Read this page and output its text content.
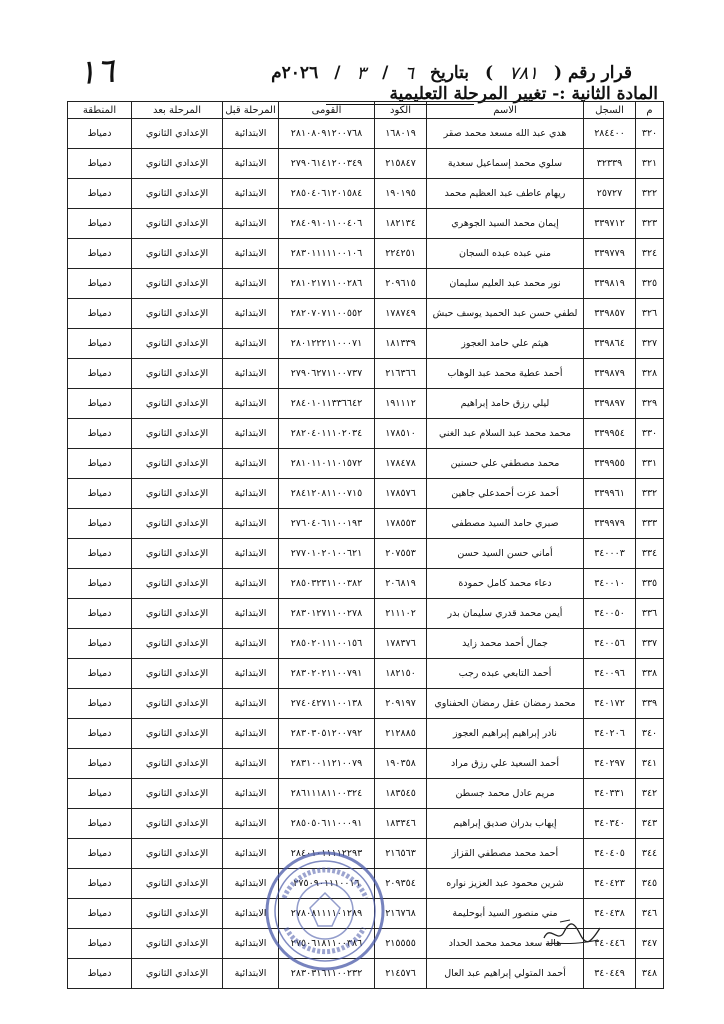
قرار رقم (
٧٨١
)
بتاريخ
٦
/
٣
/
٢٠٢٦م
١٦
المادة الثانية :- تغيير المرحلة التعليمية
م	السجل	الاسم	الكود	القومى	المرحلة قبل	المرحلة بعد	المنطقة
٣٢٠	٢٨٤٤٠٠	هدي عبد الله مسعد محمد صقر	١٦٨٠١٩	٢٨١٠٨٠٩١٢٠٠٧٦٨	الابتدائية	الإعدادي الثانوي	دمياط
٣٢١	٣٢٣٣٩	سلوي محمد إسماعيل سعدية	٢١٥٨٤٧	٢٧٩٠٦١٤١٢٠٠٣٤٩	الابتدائية	الإعدادي الثانوي	دمياط
٣٢٢	٢٥٧٢٧	ريهام عاطف عبد العظيم محمد	١٩٠١٩٥	٢٨٥٠٤٠٦١٢٠١٥٨٤	الابتدائية	الإعدادي الثانوي	دمياط
٣٢٣	٣٣٩٧١٢	إيمان محمد السيد الجوهري	١٨٢١٣٤	٢٨٤٠٩١٠١١٠٠٤٠٦	الابتدائية	الإعدادي الثانوي	دمياط
٣٢٤	٣٣٩٧٧٩	مني عبده عبده السجان	٢٢٤٢٥١	٢٨٣٠١١١١١٠٠١٠٦	الابتدائية	الإعدادي الثانوي	دمياط
٣٢٥	٣٣٩٨١٩	نور محمد عبد العليم سليمان	٢٠٩٦١٥	٢٨١٠٢١٧١١٠٠٢٨٦	الابتدائية	الإعدادي الثانوي	دمياط
٣٢٦	٣٣٩٨٥٧	لطفي حسن عبد الحميد يوسف حبش	١٧٨٧٤٩	٢٨٢٠٧٠٧١١٠٠٥٥٢	الابتدائية	الإعدادي الثانوي	دمياط
٣٢٧	٣٣٩٨٦٤	هيثم علي حامد العجوز	١٨١٣٣٩	٢٨٠١٢٢٢١١٠٠٠٧١	الابتدائية	الإعدادي الثانوي	دمياط
٣٢٨	٣٣٩٨٧٩	أحمد عطية محمد عبد الوهاب	٢١٦٣٦٦	٢٧٩٠٦٢٧١١٠٠٧٣٧	الابتدائية	الإعدادي الثانوي	دمياط
٣٢٩	٣٣٩٨٩٧	ليلي رزق حامد إبراهيم	١٩١١١٢	٢٨٤٠١٠١١٣٣٦٦٤٢	الابتدائية	الإعدادي الثانوي	دمياط
٣٣٠	٣٣٩٩٥٤	محمد محمد عبد السلام عبد الغني	١٧٨٥١٠	٢٨٢٠٤٠١١١٠٢٠٣٤	الابتدائية	الإعدادي الثانوي	دمياط
٣٣١	٣٣٩٩٥٥	محمد مصطفي علي حسنين	١٧٨٤٧٨	٢٨١٠١١٠١١٠١٥٧٢	الابتدائية	الإعدادي الثانوي	دمياط
٣٣٢	٣٣٩٩٦١	أحمد عزت أحمدعلي جاهين	١٧٨٥٧٦	٢٨٤١٢٠٨١١٠٠٧١٥	الابتدائية	الإعدادي الثانوي	دمياط
٣٣٣	٣٣٩٩٧٩	صبري حامد السيد مصطفي	١٧٨٥٥٣	٢٧٦٠٤٠٦١١٠٠١٩٣	الابتدائية	الإعدادي الثانوي	دمياط
٣٣٤	٣٤٠٠٠٣	أماني حسن السيد حسن	٢٠٧٥٥٣	٢٧٧٠١٠٢٠١٠٠٦٢١	الابتدائية	الإعدادي الثانوي	دمياط
٣٣٥	٣٤٠٠١٠	دعاء محمد كامل حمودة	٢٠٦٨١٩	٢٨٥٠٣٢٣١١٠٠٣٨٢	الابتدائية	الإعدادي الثانوي	دمياط
٣٣٦	٣٤٠٠٥٠	أيمن محمد قدري سليمان بدر	٢١١١٠٢	٢٨٣٠١٢٧١١٠٠٢٧٨	الابتدائية	الإعدادي الثانوي	دمياط
٣٣٧	٣٤٠٠٥٦	جمال أحمد محمد زايد	١٧٨٣٧٦	٢٨٥٠٢٠١١١٠٠١٥٦	الابتدائية	الإعدادي الثانوي	دمياط
٣٣٨	٣٤٠٠٩٦	أحمد التابعي عبده رجب	١٨٢١٥٠	٢٨٣٠٢٠٢١١٠٠٧٩١	الابتدائية	الإعدادي الثانوي	دمياط
٣٣٩	٣٤٠١٧٢	محمد رمضان عقل رمضان الحفناوي	٢٠٩١٩٧	٢٧٤٠٤٢٧١١٠٠١٣٨	الابتدائية	الإعدادي الثانوي	دمياط
٣٤٠	٣٤٠٢٠٦	نادر إبراهيم إبراهيم العجوز	٢١٢٨٨٥	٢٨٣٠٣٠٥١٢٠٠٧٩٢	الابتدائية	الإعدادي الثانوي	دمياط
٣٤١	٣٤٠٢٩٧	أحمد السعيد علي رزق مراد	١٩٠٣٥٨	٢٨٣١٠٠١١٢١٠٠٧٩	الابتدائية	الإعدادي الثانوي	دمياط
٣٤٢	٣٤٠٣٣١	مريم عادل محمد جسطن	١٨٣٥٤٥	٢٨٦١١١٨١١٠٠٣٢٤	الابتدائية	الإعدادي الثانوي	دمياط
٣٤٣	٣٤٠٣٤٠	إيهاب بدران صديق إبراهيم	١٨٣٣٤٦	٢٨٥٠٥٠٦١١٠٠٠٩١	الابتدائية	الإعدادي الثانوي	دمياط
٣٤٤	٣٤٠٤٠٥	أحمد محمد مصطفي القزاز	٢١٦٥٦٣	٢٨٤٠١٠١١١١٢٢٩٣	الابتدائية	الإعدادي الثانوي	دمياط
٣٤٥	٣٤٠٤٢٣	شرين محمود عبد العزيز نواره	٢٠٩٣٥٤	٢٧٥٠٩٠١١١٠٠١٦	الابتدائية	الإعدادي الثانوي	دمياط
٣٤٦	٣٤٠٤٣٨	مني منصور السيد أبوحليمة	٢١٦٧٦٨	٢٧٨٠٨١١١١٠١٢٨٩	الابتدائية	الإعدادي الثانوي	دمياط
٣٤٧	٣٤٠٤٤٦	هالة سعد محمد محمد الحداد	٢١٥٥٥٥	٢٧٥٠٦١٨١١٠٠٣٨٦	الابتدائية	الإعدادي الثانوي	دمياط
٣٤٨	٣٤٠٤٤٩	أحمد المتولي إبراهيم عبد العال	٢١٤٥٧٦	٢٨٣٠٣١٦١١٠٠٢٣٢	الابتدائية	الإعدادي الثانوي	دمياط
